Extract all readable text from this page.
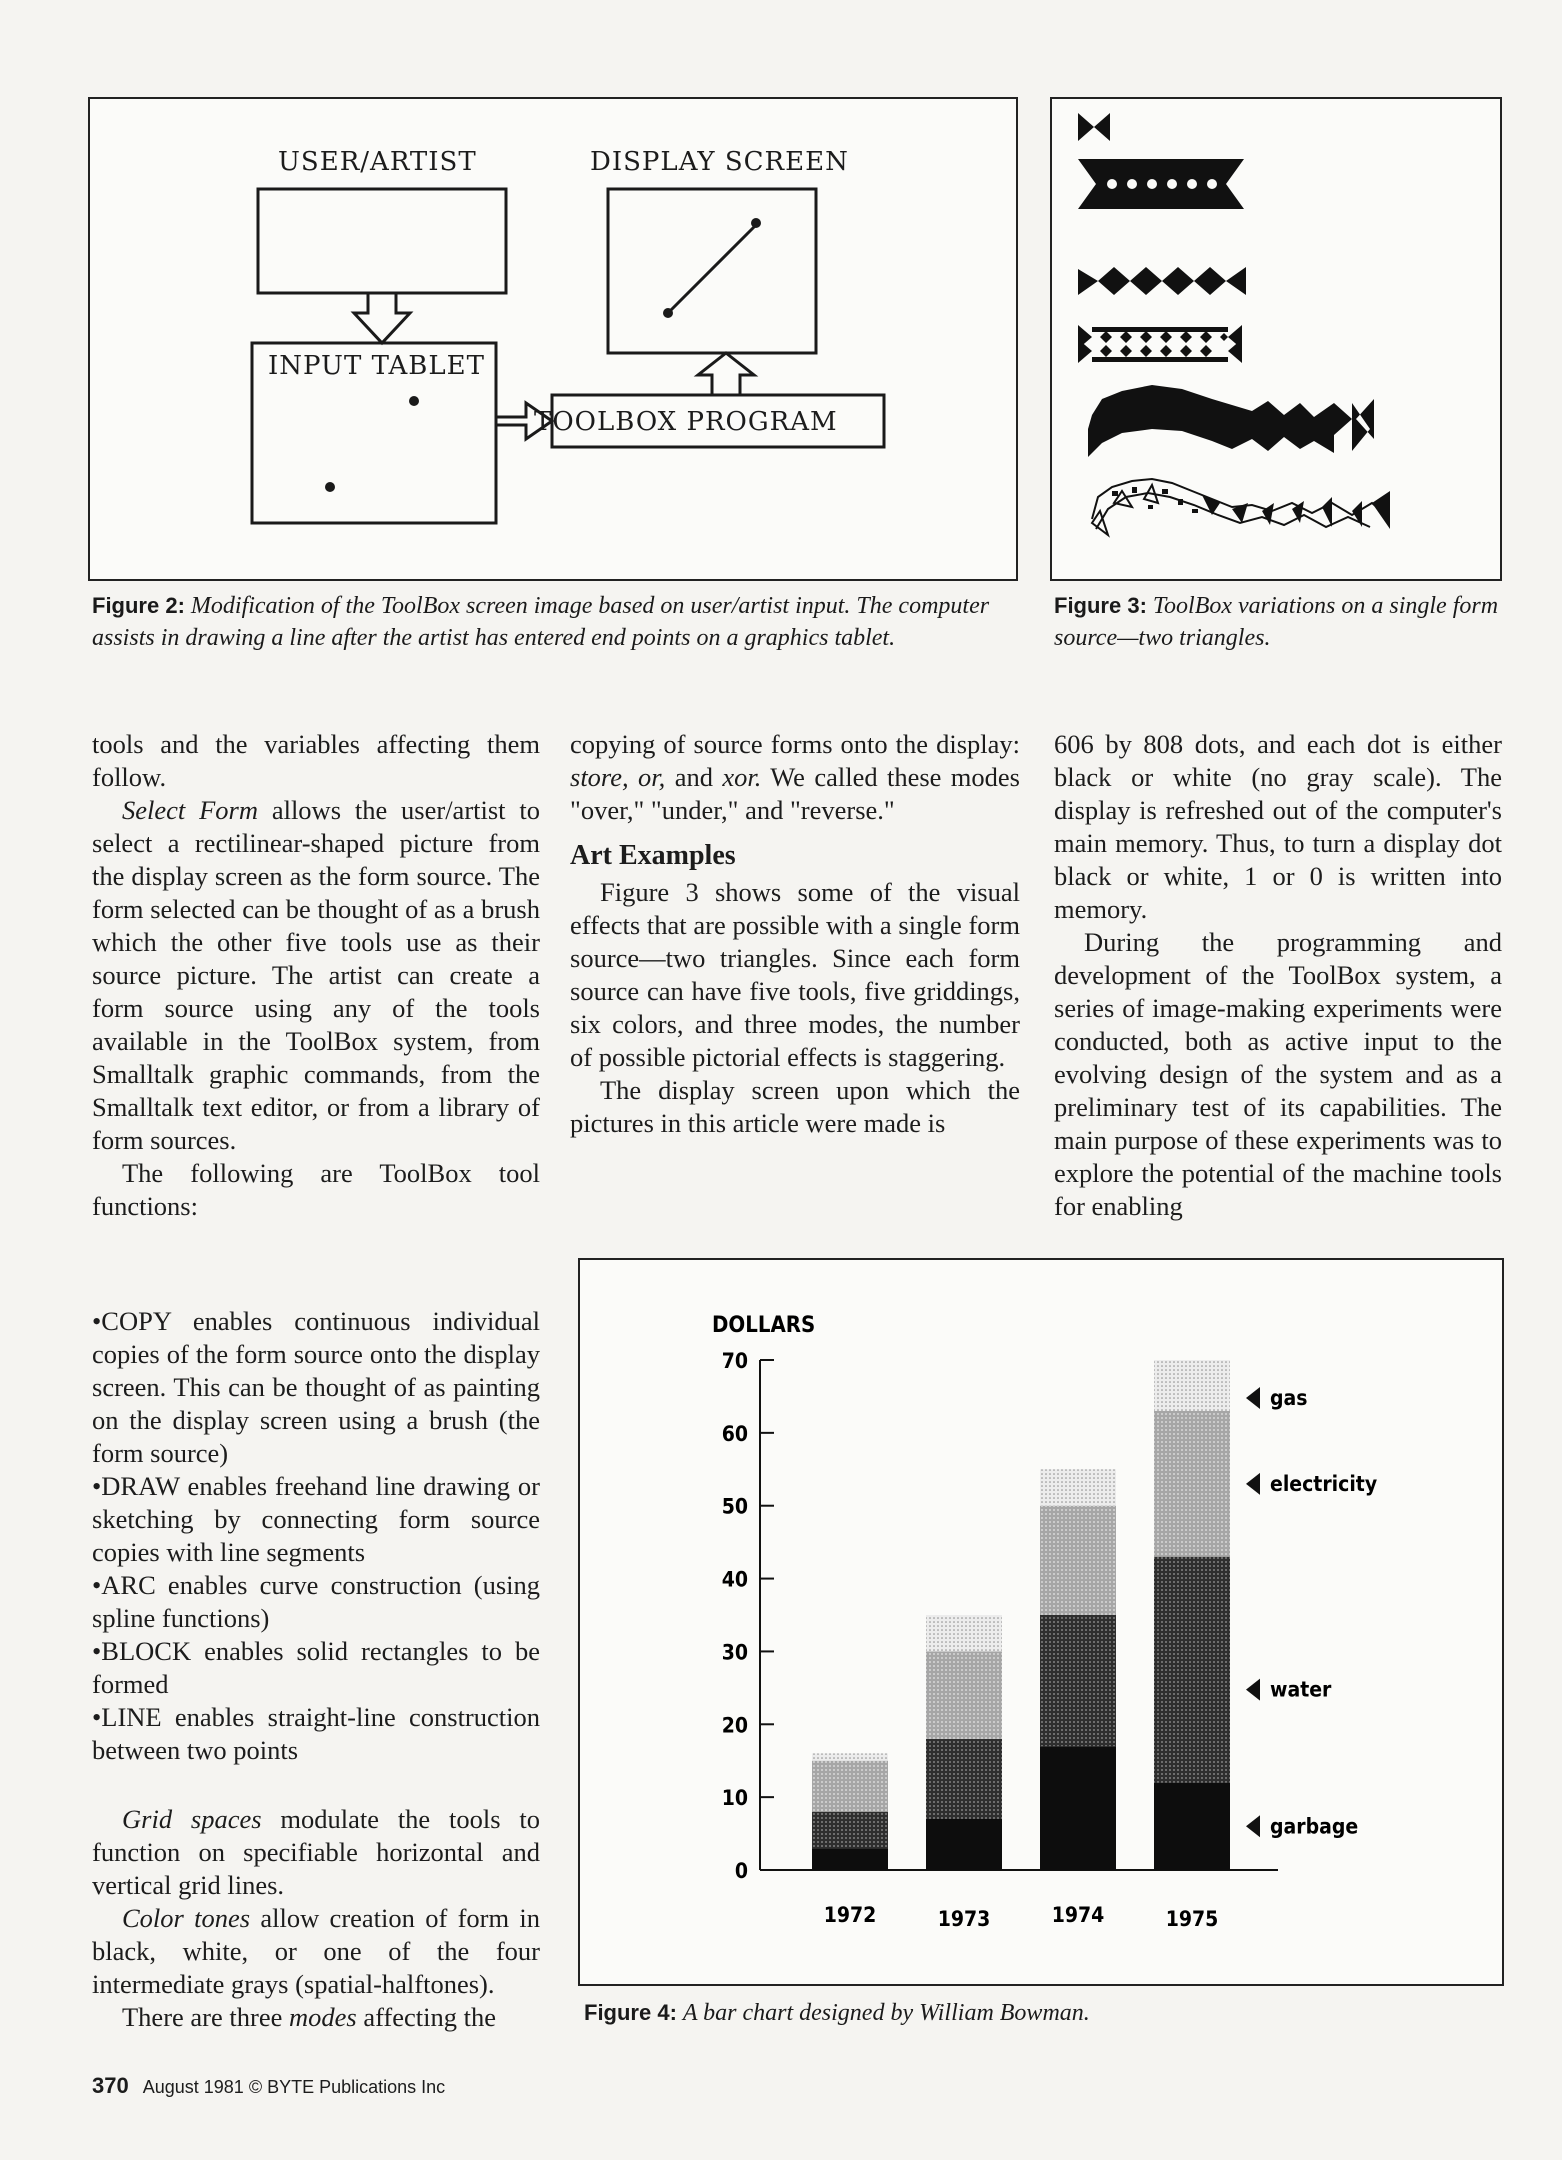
USER/ARTIST	DISPLAY SCREEN
INPUT TABLET
TOOLBOX PROGRAM
Figure 2: Modification of the ToolBox screen image based on user/artist input. The computer assists in drawing a line after the artist has entered end points on a graphics tablet.
Figure 3: ToolBox variations on a single form source—two triangles.

tools and the variables affecting them follow.

Select Form allows the user/artist to select a rectilinear-shaped picture from the display screen as the form source. The form selected can be thought of as a brush which the other five tools use as their source picture. The artist can create a form source using any of the tools available in the ToolBox system, from Smalltalk graphic commands, from the Smalltalk text editor, or from a library of form sources.

The following are ToolBox tool functions:

copying of source forms onto the display: store, or, and xor. We called these modes "over," "under," and "reverse."

Art Examples

Figure 3 shows some of the visual effects that are possible with a single form source—two triangles. Since each form source can have five tools, five griddings, six colors, and three modes, the number of possible pictorial effects is staggering.

The display screen upon which the pictures in this article were made is

606 by 808 dots, and each dot is either black or white (no gray scale). The display is refreshed out of the computer's main memory. Thus, to turn a display dot black or white, 1 or 0 is written into memory.

During the programming and development of the ToolBox system, a series of image-making experiments were conducted, both as active input to the evolving design of the system and as a preliminary test of its capabilities. The main purpose of these experiments was to explore the potential of the machine tools for enabling

•COPY enables continuous individual copies of the form source onto the display screen. This can be thought of as painting on the display screen using a brush (the form source)

•DRAW enables freehand line drawing or sketching by connecting form source copies with line segments

•ARC enables curve construction (using spline functions)

•BLOCK enables solid rectangles to be formed

•LINE enables straight-line construction between two points

Grid spaces modulate the tools to function on specifiable horizontal and vertical grid lines.

Color tones allow creation of form in black, white, or one of the four intermediate grays (spatial-halftones).

There are three modes affecting the

DOLLARS
0
10
20
30
40
50
60
70
1972	1973	1974	1975
gas
electricity
water
garbage
Figure 4: A bar chart designed by William Bowman.
370 August 1981 © BYTE Publications Inc
